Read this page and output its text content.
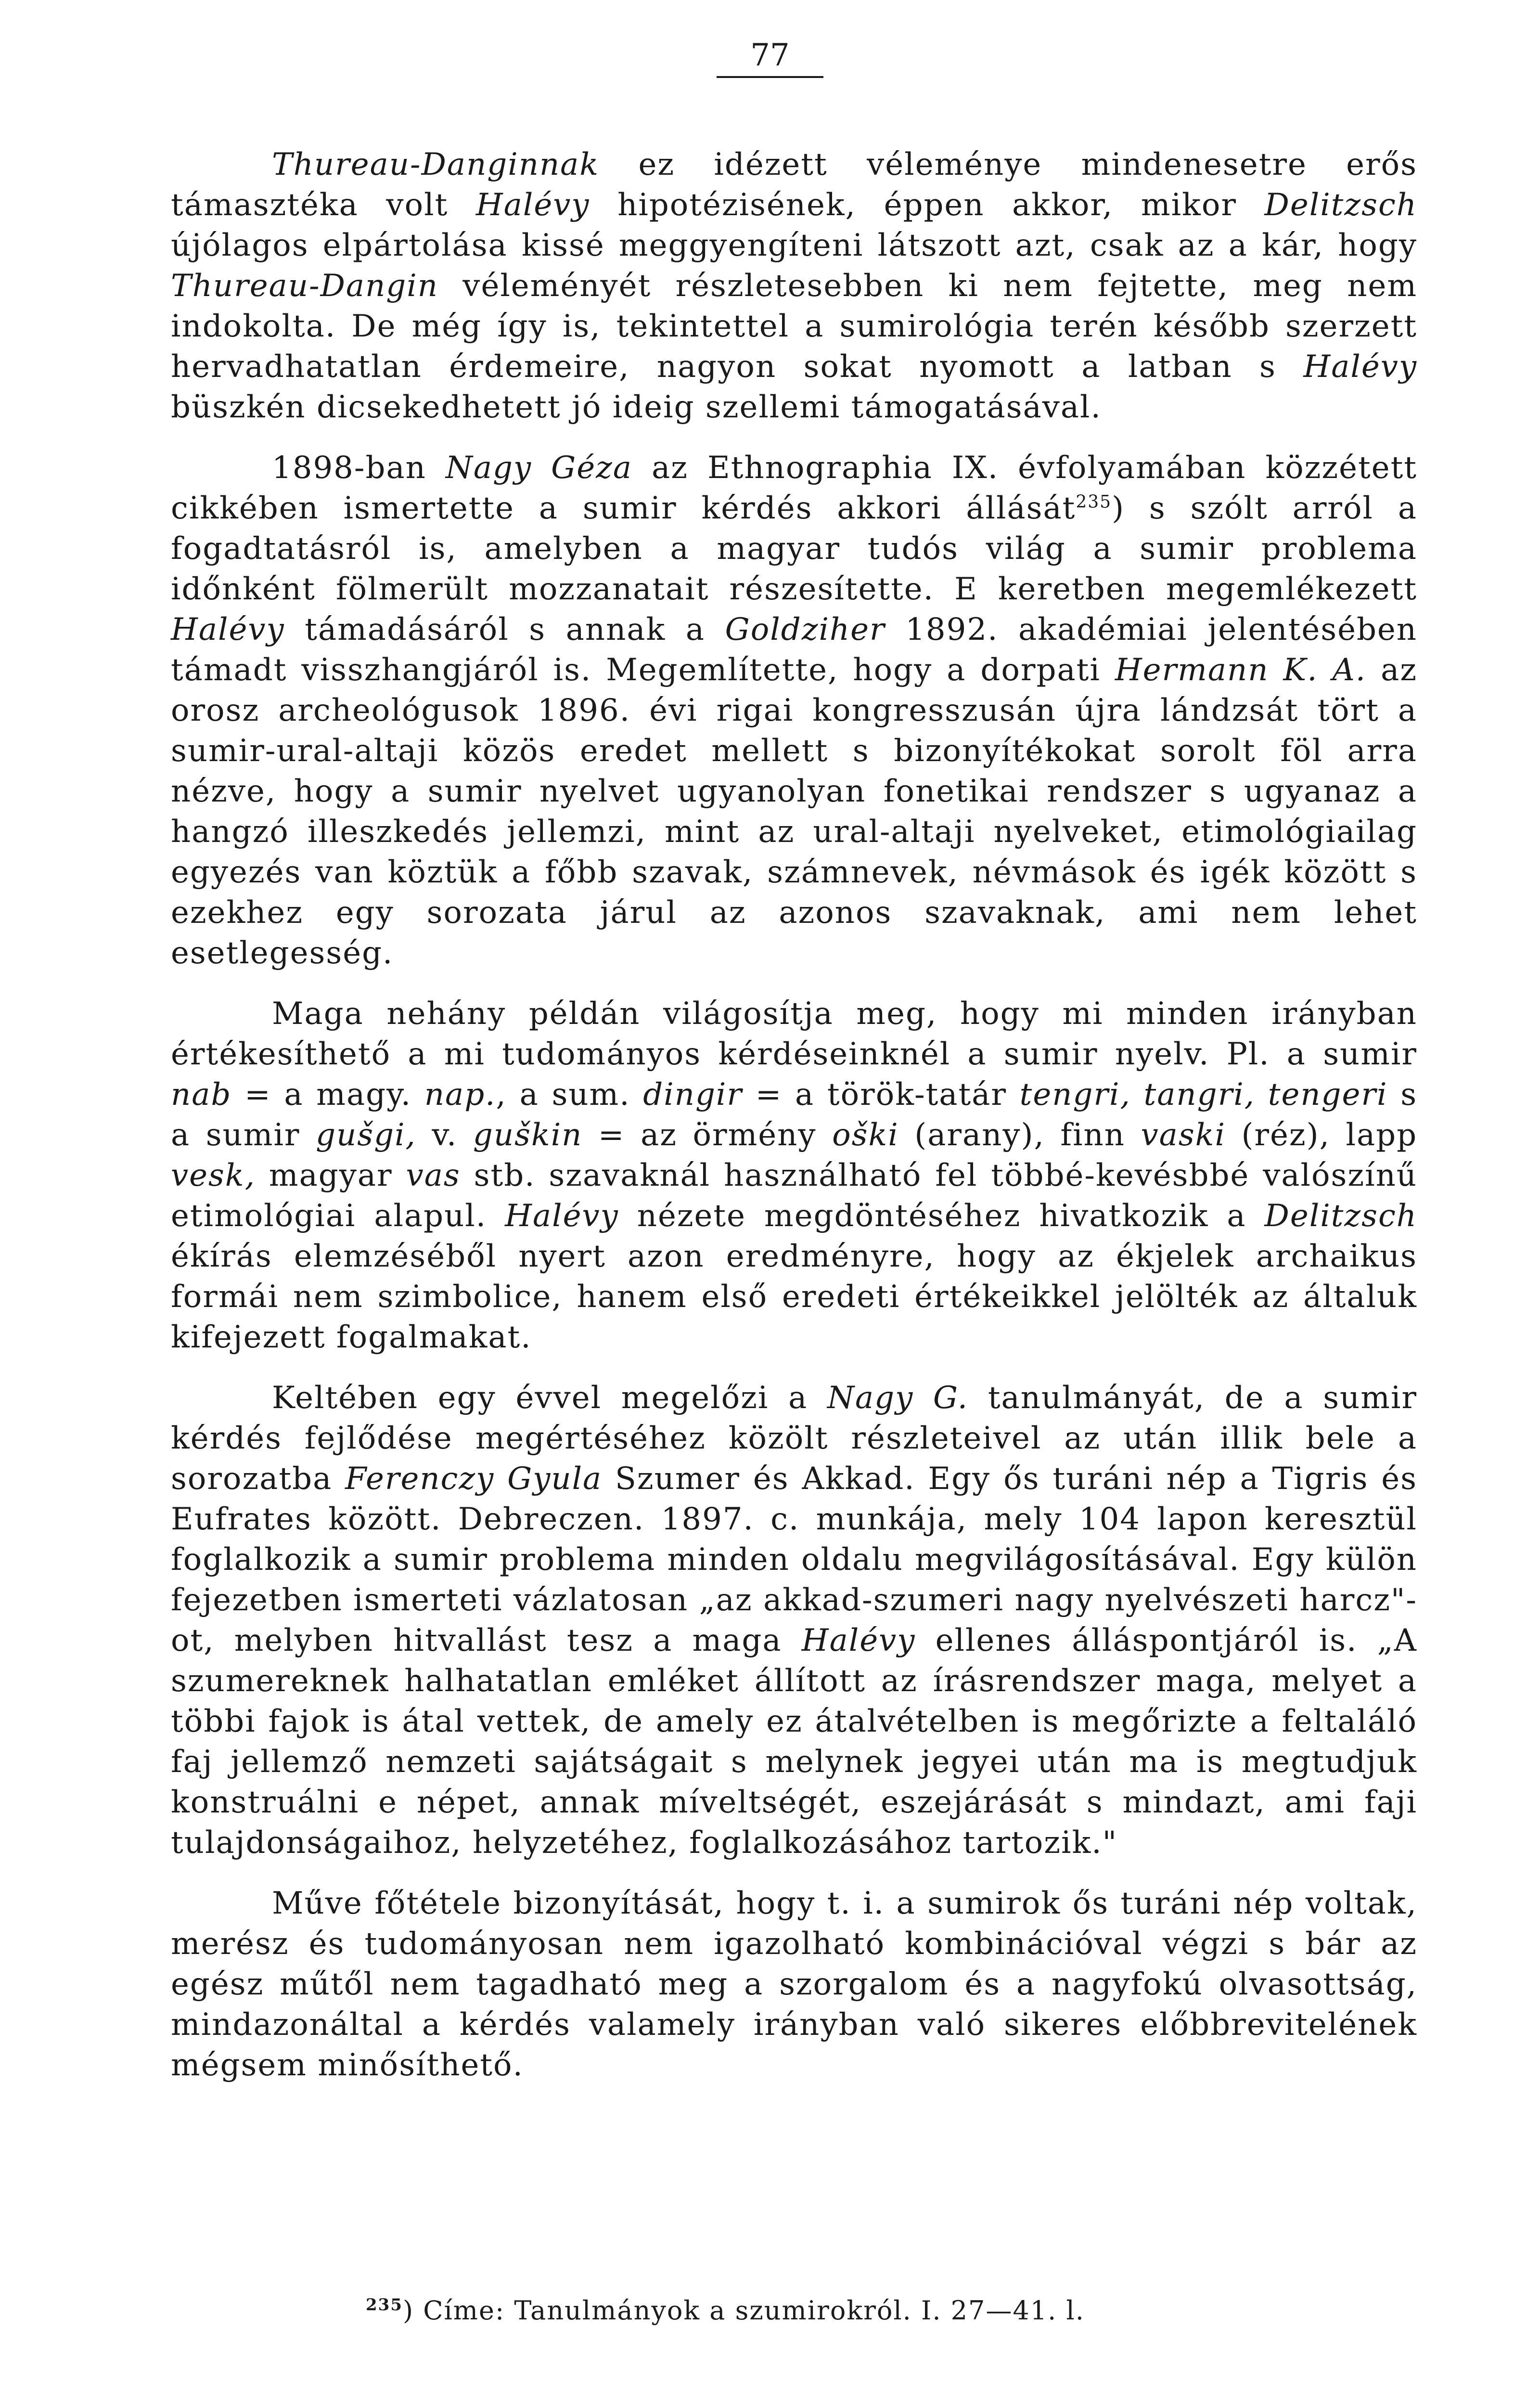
77

Thureau-Danginnak ez idézett véleménye mindenesetre erős támasztéka volt Halévy hipotézisének, éppen akkor, mikor Delitzsch újólagos elpártolása kissé meggyengíteni látszott azt, csak az a kár, hogy Thureau-Dangin véleményét részletesebben ki nem fejtette, meg nem indokolta. De még így is, tekintettel a sumirológia terén később szerzett hervadhatatlan érdemeire, nagyon sokat nyomott a latban s Halévy büszkén dicsekedhetett jó ideig szellemi támogatásával.

1898-ban Nagy Géza az Ethnographia IX. évfolyamában közzétett cikkében ismertette a sumir kérdés akkori állását$^{235}$) s szólt arról a fogadtatásról is, amelyben a magyar tudós világ a sumir problema időnként fölmerült mozzanatait részesítette. E keretben megemlékezett Halévy támadásáról s annak a Goldziher 1892. akadémiai jelentésében támadt visszhangjáról is. Megemlítette, hogy a dorpati Hermann K. A. az orosz archeológusok 1896. évi rigai kongresszusán újra lándzsát tört a sumir-ural-altaji közös eredet mellett s bizonyítékokat sorolt föl arra nézve, hogy a sumir nyelvet ugyanolyan fonetikai rendszer s ugyanaz a hangzó illeszkedés jellemzi, mint az ural-altaji nyelveket, etimológiailag egyezés van köztük a főbb szavak, számnevek, névmások és igék között s ezekhez egy sorozata járul az azonos szavaknak, ami nem lehet esetlegesség.

Maga nehány példán világosítja meg, hogy mi minden irányban értékesíthető a mi tudományos kérdéseinknél a sumir nyelv. Pl. a sumir nab = a magy. nap., a sum. dingir = a török-tatár tengri, tangri, tengeri s a sumir gušgi, v. guškin = az örmény oški (arany), finn vaski (réz), lapp vesk, magyar vas stb. szavaknál használható fel többé-kevésbbé valószínű etimológiai alapul. Halévy nézete megdöntéséhez hivatkozik a Delitzsch ékírás elemzéséből nyert azon eredményre, hogy az ékjelek archaikus formái nem szimbolice, hanem első eredeti értékeikkel jelölték az általuk kifejezett fogalmakat.

Keltében egy évvel megelőzi a Nagy G. tanulmányát, de a sumir kérdés fejlődése megértéséhez közölt részleteivel az után illik bele a sorozatba Ferenczy Gyula Szumer és Akkad. Egy ős turáni nép a Tigris és Eufrates között. Debreczen. 1897. c. munkája, mely 104 lapon keresztül foglalkozik a sumir problema minden oldalu megvilágosításával. Egy külön fejezetben ismerteti vázlatosan „az akkad-szumeri nagy nyelvészeti harcz"-ot, melyben hitvallást tesz a maga Halévy ellenes álláspontjáról is. „A szumereknek halhatatlan emléket állított az írásrendszer maga, melyet a többi fajok is átal vettek, de amely ez átalvételben is megőrizte a feltaláló faj jellemző nemzeti sajátságait s melynek jegyei után ma is megtudjuk konstruálni e népet, annak míveltségét, eszejárását s mindazt, ami faji tulajdonságaihoz, helyzetéhez, foglalkozásához tartozik."

Műve főtétele bizonyítását, hogy t. i. a sumirok ős turáni nép voltak, merész és tudományosan nem igazolható kombinációval végzi s bár az egész műtől nem tagadható meg a szorgalom és a nagyfokú olvasottság, mindazonáltal a kérdés valamely irányban való sikeres előbbrevitelének mégsem minősíthető.

$^{235}$) Címe: Tanulmányok a szumirokról. I. 27—41. l.
